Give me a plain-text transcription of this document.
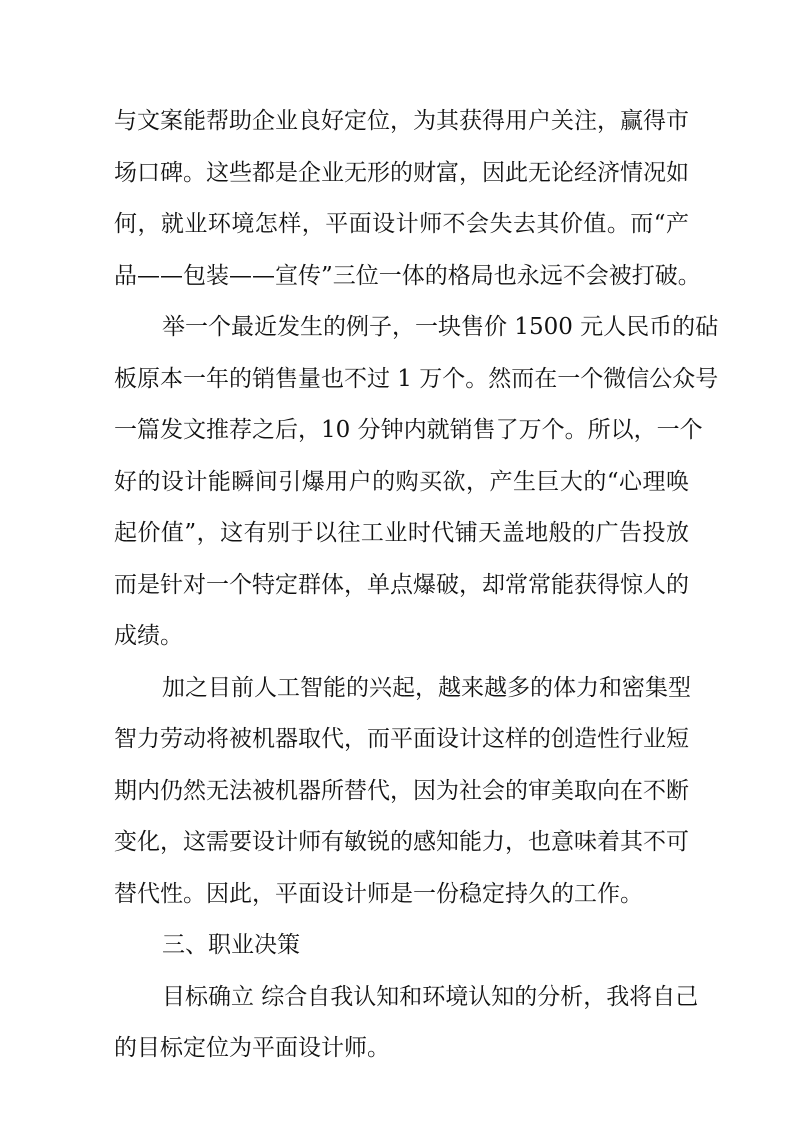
与文案能帮助企业良好定位，为其获得用户关注，赢得市
场口碑。这些都是企业无形的财富，因此无论经济情况如
何，就业环境怎样，平面设计师不会失去其价值。而“产
品——包装——宣传”三位一体的格局也永远不会被打破。
举一个最近发生的例子，一块售价 1500 元人民币的砧
板原本一年的销售量也不过 1 万个。然而在一个微信公众号
一篇发文推荐之后，10 分钟内就销售了万个。所以，一个
好的设计能瞬间引爆用户的购买欲，产生巨大的“心理唤
起价值”，这有别于以往工业时代铺天盖地般的广告投放
而是针对一个特定群体，单点爆破，却常常能获得惊人的
成绩。
加之目前人工智能的兴起，越来越多的体力和密集型
智力劳动将被机器取代，而平面设计这样的创造性行业短
期内仍然无法被机器所替代，因为社会的审美取向在不断
变化，这需要设计师有敏锐的感知能力，也意味着其不可
替代性。因此，平面设计师是一份稳定持久的工作。
三、职业决策
目标确立 综合自我认知和环境认知的分析，我将自己
的目标定位为平面设计师。
